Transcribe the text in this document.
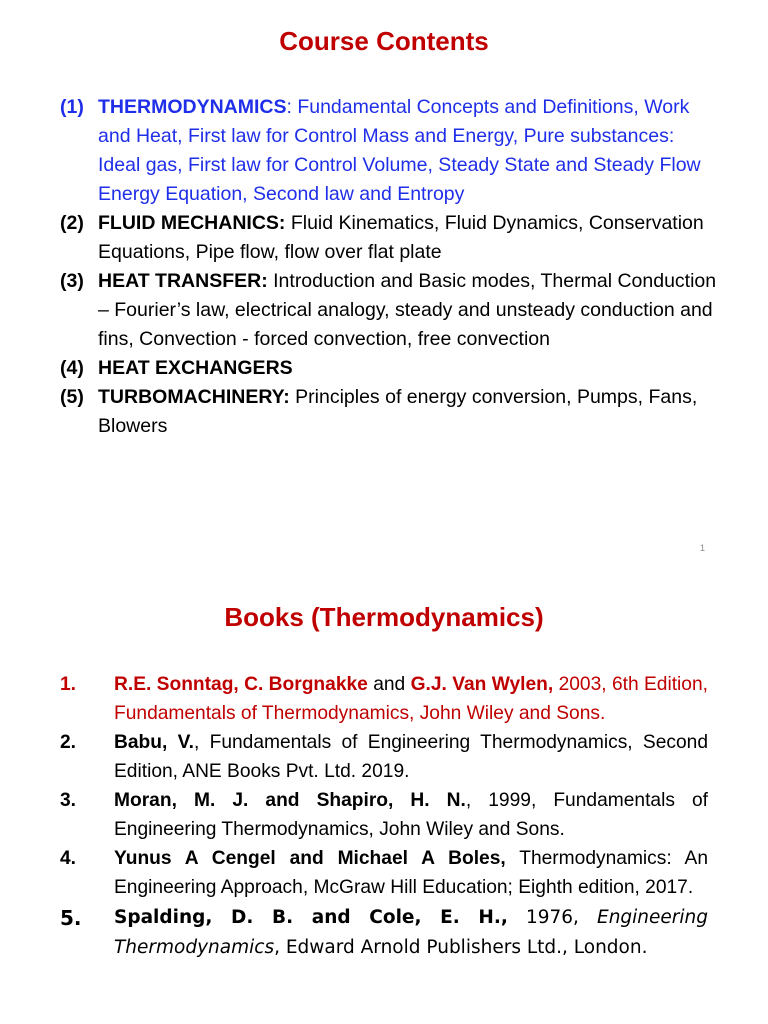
Course Contents
(1) THERMODYNAMICS: Fundamental Concepts and Definitions, Work and Heat, First law for Control Mass and Energy, Pure substances: Ideal gas, First law for Control Volume, Steady State and Steady Flow Energy Equation, Second law and Entropy
(2) FLUID MECHANICS: Fluid Kinematics, Fluid Dynamics, Conservation Equations, Pipe flow, flow over flat plate
(3) HEAT TRANSFER: Introduction and Basic modes, Thermal Conduction – Fourier’s law, electrical analogy, steady and unsteady conduction and fins, Convection - forced convection, free convection
(4) HEAT EXCHANGERS
(5) TURBOMACHINERY: Principles of energy conversion, Pumps, Fans, Blowers
1
Books (Thermodynamics)
1. R.E. Sonntag, C. Borgnakke and G.J. Van Wylen, 2003, 6th Edition, Fundamentals of Thermodynamics, John Wiley and Sons.
2. Babu, V., Fundamentals of Engineering Thermodynamics, Second Edition, ANE Books Pvt. Ltd. 2019.
3. Moran, M. J. and Shapiro, H. N., 1999, Fundamentals of Engineering Thermodynamics, John Wiley and Sons.
4. Yunus A Cengel and Michael A Boles, Thermodynamics: An Engineering Approach, McGraw Hill Education; Eighth edition, 2017.
5. Spalding, D. B. and Cole, E. H., 1976, Engineering Thermodynamics, Edward Arnold Publishers Ltd., London.
